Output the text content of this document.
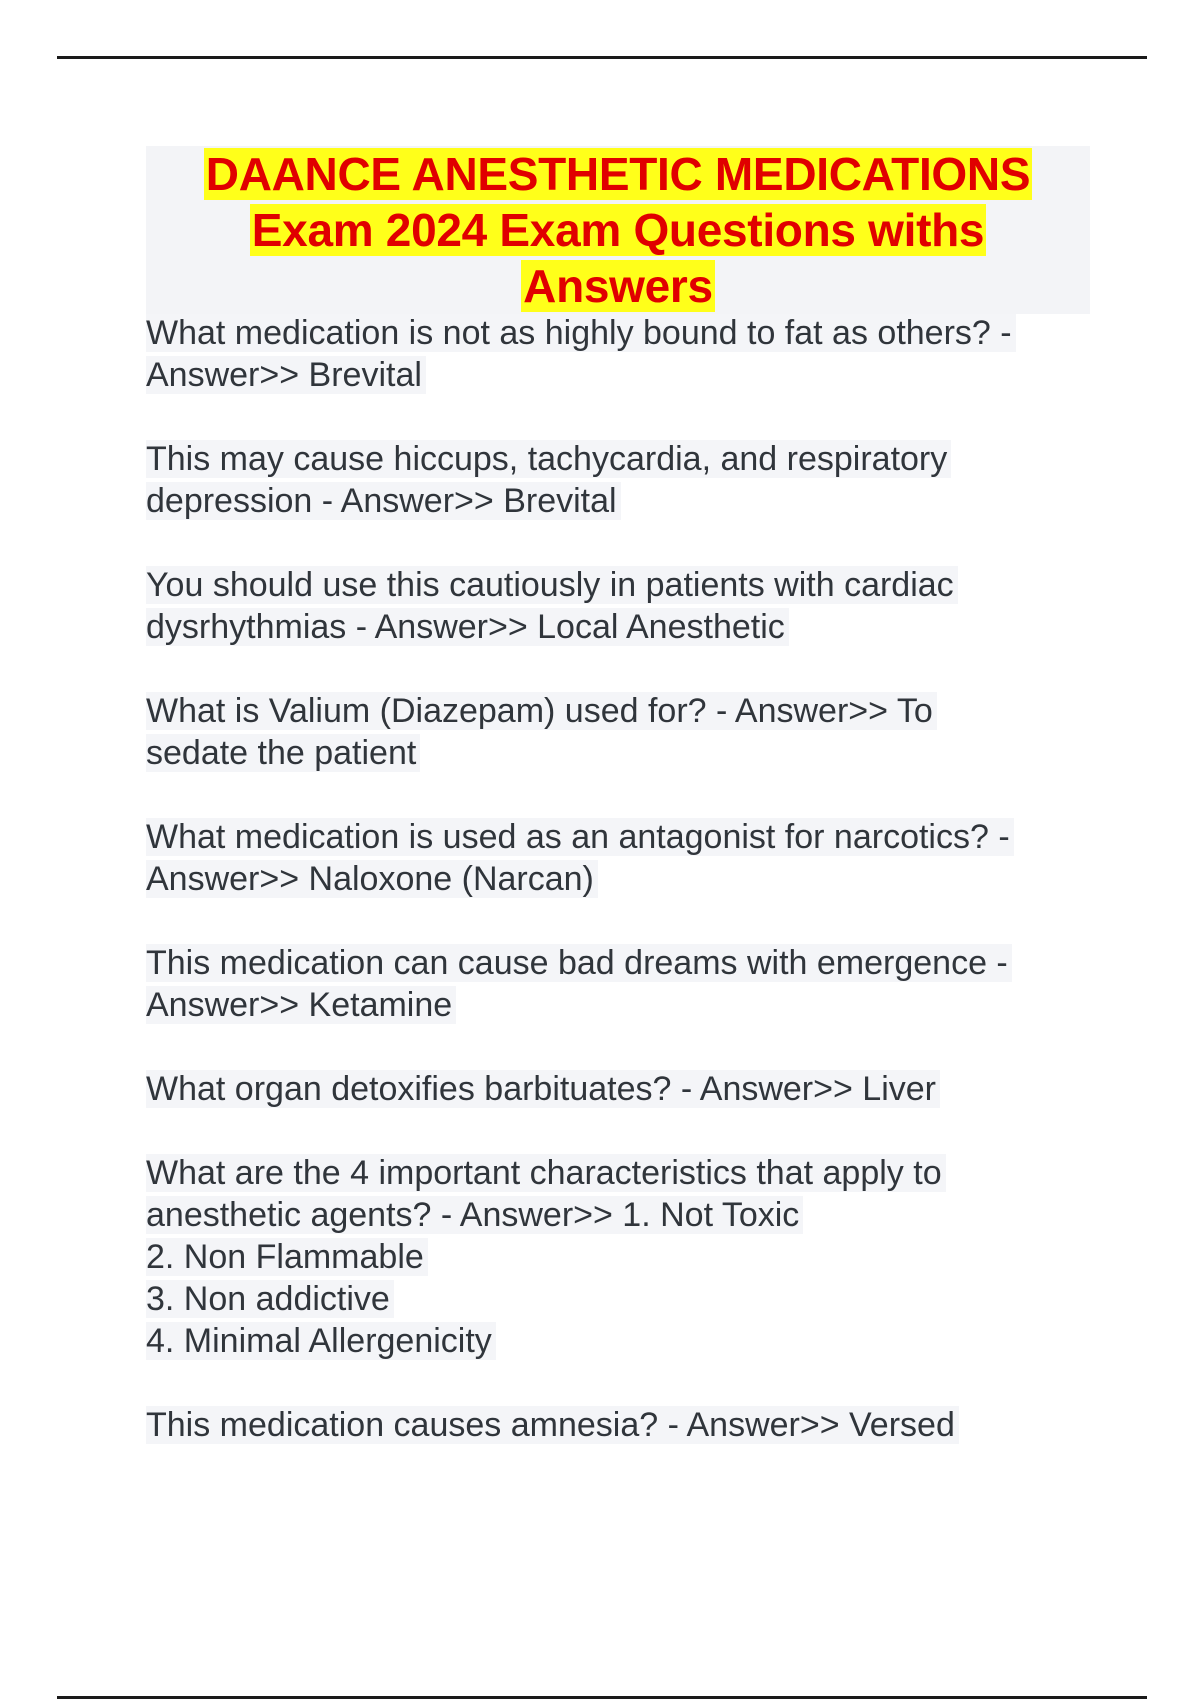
DAANCE ANESTHETIC MEDICATIONS
Exam 2024 Exam Questions withs
Answers
What medication is not as highly bound to fat as others? -
Answer>> Brevital
This may cause hiccups, tachycardia, and respiratory
depression - Answer>> Brevital
You should use this cautiously in patients with cardiac
dysrhythmias - Answer>> Local Anesthetic
What is Valium (Diazepam) used for? - Answer>> To
sedate the patient
What medication is used as an antagonist for narcotics? -
Answer>> Naloxone (Narcan)
This medication can cause bad dreams with emergence -
Answer>> Ketamine
What organ detoxifies barbituates? - Answer>> Liver
What are the 4 important characteristics that apply to
anesthetic agents? - Answer>> 1. Not Toxic
2. Non Flammable
3. Non addictive
4. Minimal Allergenicity
This medication causes amnesia? - Answer>> Versed
